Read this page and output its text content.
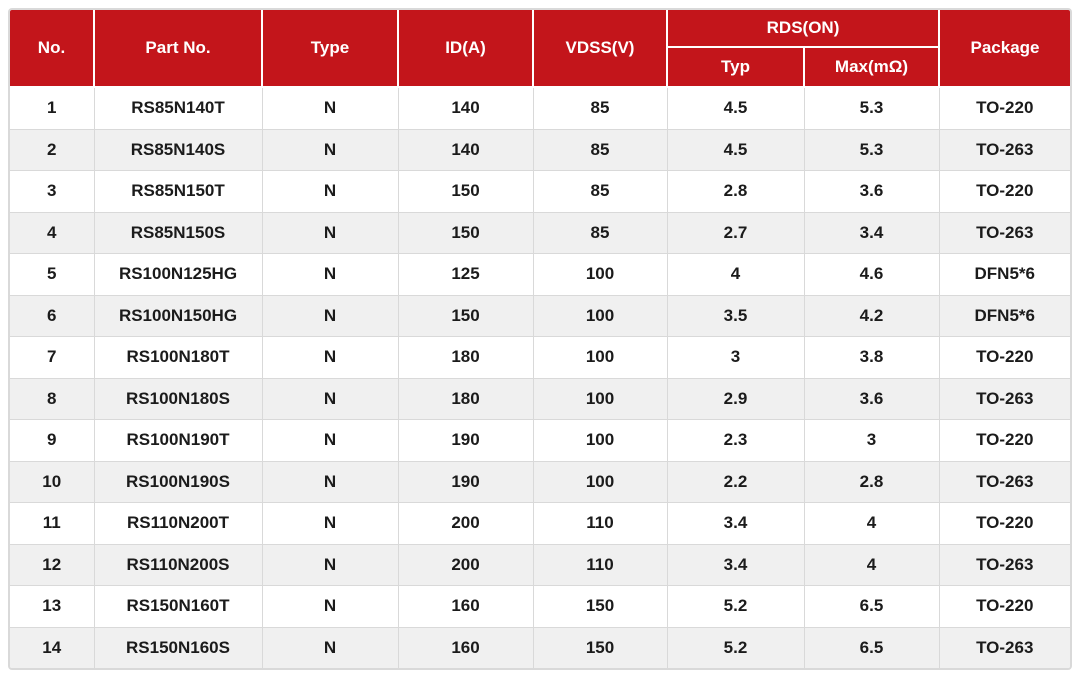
No.	Part No.	Type	ID(A)	VDSS(V)	RDS(ON)		Package
					Typ	Max(mΩ)	
1	RS85N140T	N	140	85	4.5	5.3	TO-220
2	RS85N140S	N	140	85	4.5	5.3	TO-263
3	RS85N150T	N	150	85	2.8	3.6	TO-220
4	RS85N150S	N	150	85	2.7	3.4	TO-263
5	RS100N125HG	N	125	100	4	4.6	DFN5*6
6	RS100N150HG	N	150	100	3.5	4.2	DFN5*6
7	RS100N180T	N	180	100	3	3.8	TO-220
8	RS100N180S	N	180	100	2.9	3.6	TO-263
9	RS100N190T	N	190	100	2.3	3	TO-220
10	RS100N190S	N	190	100	2.2	2.8	TO-263
11	RS110N200T	N	200	110	3.4	4	TO-220
12	RS110N200S	N	200	110	3.4	4	TO-263
13	RS150N160T	N	160	150	5.2	6.5	TO-220
14	RS150N160S	N	160	150	5.2	6.5	TO-263
